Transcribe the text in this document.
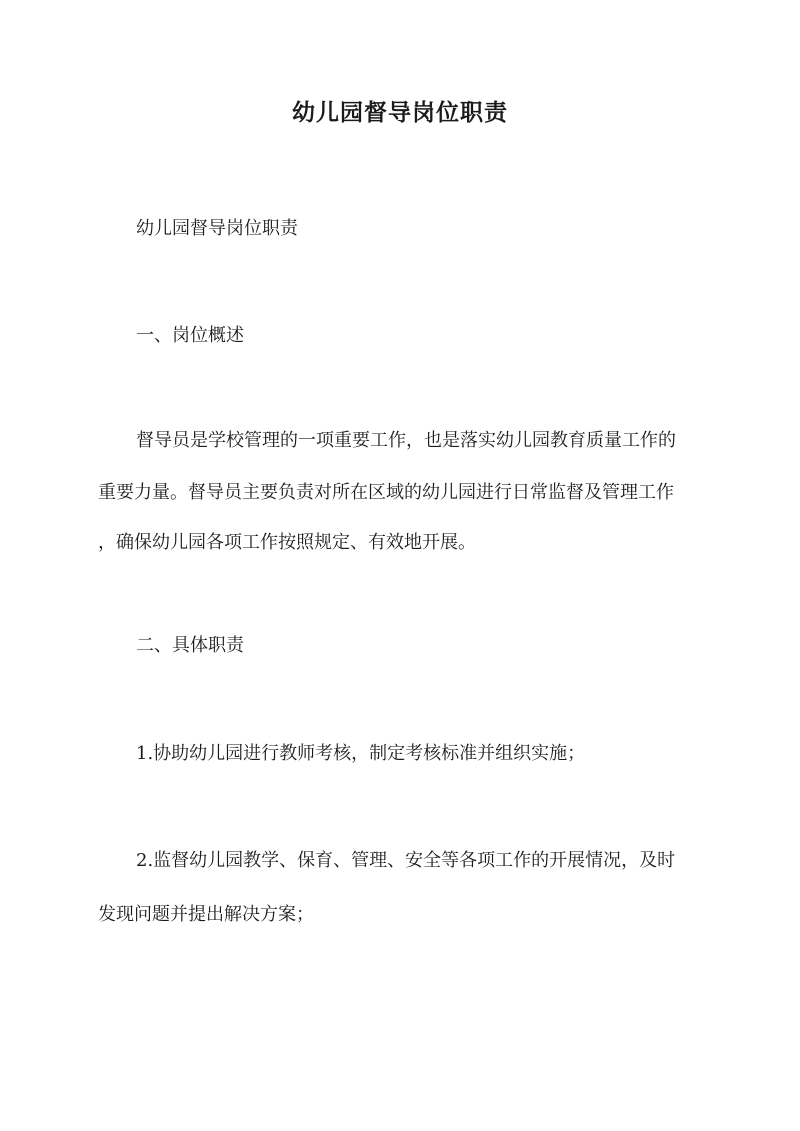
幼儿园督导岗位职责
幼儿园督导岗位职责
一、岗位概述
督导员是学校管理的一项重要工作，也是落实幼儿园教育质量工作的
重要力量。督导员主要负责对所在区域的幼儿园进行日常监督及管理工作
，确保幼儿园各项工作按照规定、有效地开展。
二、具体职责
1.协助幼儿园进行教师考核，制定考核标准并组织实施；
2.监督幼儿园教学、保育、管理、安全等各项工作的开展情况，及时
发现问题并提出解决方案；
